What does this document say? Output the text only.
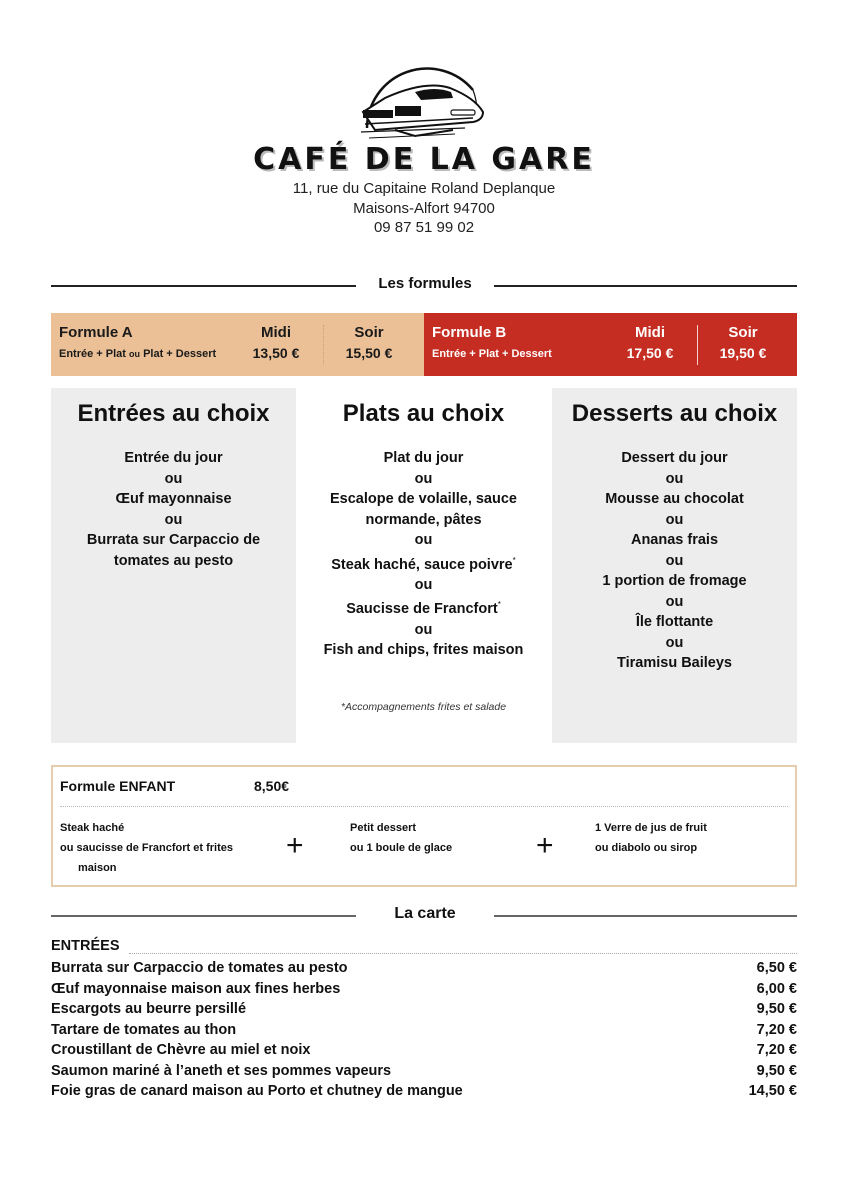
CAFÉ DE LA GARE
11, rue du Capitaine Roland Deplanque
Maisons-Alfort 94700
09 87 51 99 02
Les formules
Formule A
Entrée + Plat ou Plat + Dessert
Midi
13,50 €
Soir
15,50 €
Formule B
Entrée + Plat + Dessert
Midi
17,50 €
Soir
19,50 €
Entrées au choix
Entrée du jour
ou
Œuf mayonnaise
ou
Burrata sur Carpaccio de tomates au pesto
Plats au choix
Plat du jour
ou
Escalope de volaille, sauce normande, pâtes
ou
Steak haché, sauce poivre*
ou
Saucisse de Francfort*
ou
Fish and chips, frites maison
*Accompagnements frites et salade
Desserts au choix
Dessert du jour
ou
Mousse au chocolat
ou
Ananas frais
ou
1 portion de fromage
ou
Île flottante
ou
Tiramisu Baileys
Formule ENFANT	8,50€
Steak haché
ou saucisse de Francfort et frites
maison
+
Petit dessert
ou 1 boule de glace	+
1 Verre de jus de fruit
ou diabolo ou sirop
La carte
ENTRÉES
Burrata sur Carpaccio de tomates au pesto	6,50 €
Œuf mayonnaise maison aux fines herbes	6,00 €
Escargots au beurre persillé	9,50 €
Tartare de tomates au thon	7,20 €
Croustillant de Chèvre au miel et noix	7,20 €
Saumon mariné à l’aneth et ses pommes vapeurs	9,50 €
Foie gras de canard maison au Porto et chutney de mangue	14,50 €
